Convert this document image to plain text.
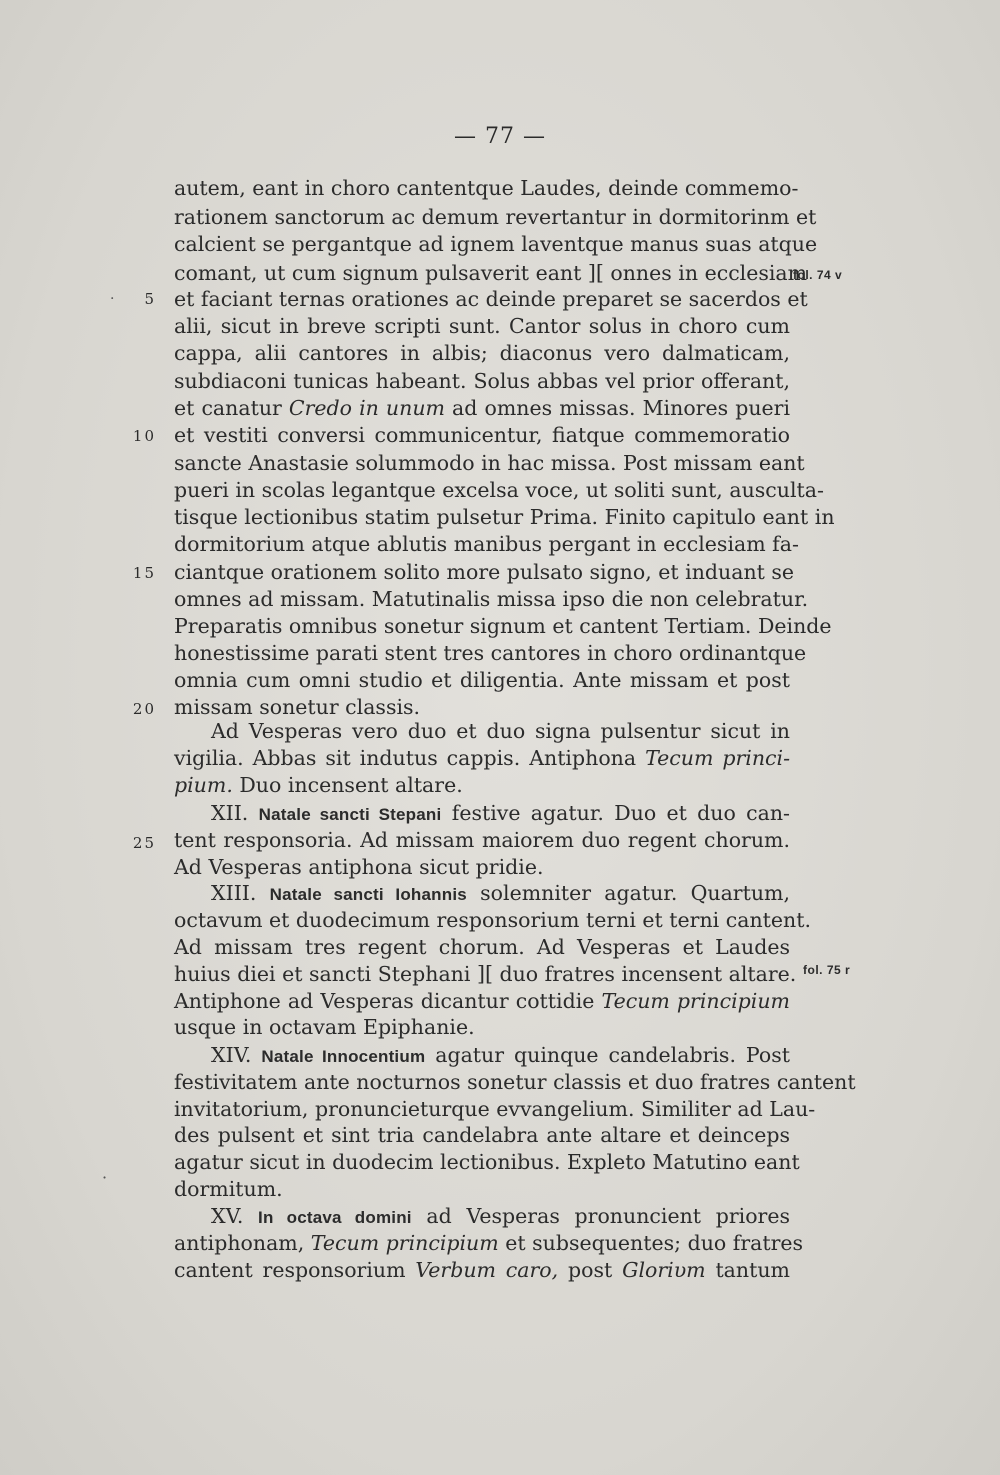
— 77 —
autem, eant in choro cantentque Laudes, deinde commemo-
rationem sanctorum ac demum revertantur in dormitorinm et
calcient se pergantque ad ignem laventque manus suas atque
comant, ut cum signum pulsaverit eant ][ onnes in ecclesiam
et faciant ternas orationes ac deinde preparet se sacerdos et
alii, sicut in breve scripti sunt. Cantor solus in choro cum
cappa, alii cantores in albis; diaconus vero dalmaticam,
subdiaconi tunicas habeant. Solus abbas vel prior offerant,
et canatur Credo in unum ad omnes missas. Minores pueri
et vestiti conversi communicentur, fiatque commemoratio
sancte Anastasie solummodo in hac missa. Post missam eant
pueri in scolas legantque excelsa voce, ut soliti sunt, ausculta-
tisque lectionibus statim pulsetur Prima. Finito capitulo eant in
dormitorium atque ablutis manibus pergant in ecclesiam fa-
ciantque orationem solito more pulsato signo, et induant se
omnes ad missam. Matutinalis missa ipso die non celebratur.
Preparatis omnibus sonetur signum et cantent Tertiam. Deinde
honestissime parati stent tres cantores in choro ordinantque
omnia cum omni studio et diligentia. Ante missam et post
missam sonetur classis.
Ad Vesperas vero duo et duo signa pulsentur sicut in
vigilia. Abbas sit indutus cappis. Antiphona Tecum princi-
pium. Duo incensent altare.
XII. Natale sancti Stepani festive agatur. Duo et duo can-
tent responsoria. Ad missam maiorem duo regent chorum.
Ad Vesperas antiphona sicut pridie.
XIII. Natale sancti Iohannis solemniter agatur. Quartum,
octavum et duodecimum responsorium terni et terni cantent.
Ad missam tres regent chorum. Ad Vesperas et Laudes
huius diei et sancti Stephani ][ duo fratres incensent altare.
Antiphone ad Vesperas dicantur cottidie Tecum principium
usque in octavam Epiphanie.
XIV. Natale Innocentium agatur quinque candelabris. Post
festivitatem ante nocturnos sonetur classis et duo fratres cantent
invitatorium, pronuncieturque evvangelium. Similiter ad Lau-
des pulsent et sint tria candelabra ante altare et deinceps
agatur sicut in duodecim lectionibus. Expleto Matutino eant
dormitum.
XV. In octava domini ad Vesperas pronuncient priores
antiphonam, Tecum principium et subsequentes; duo fratres
cantent responsorium Verbum caro, post Gloriυm tantum
5
10
15
20
25
fol. 74 v
fol. 75 r
·
·
